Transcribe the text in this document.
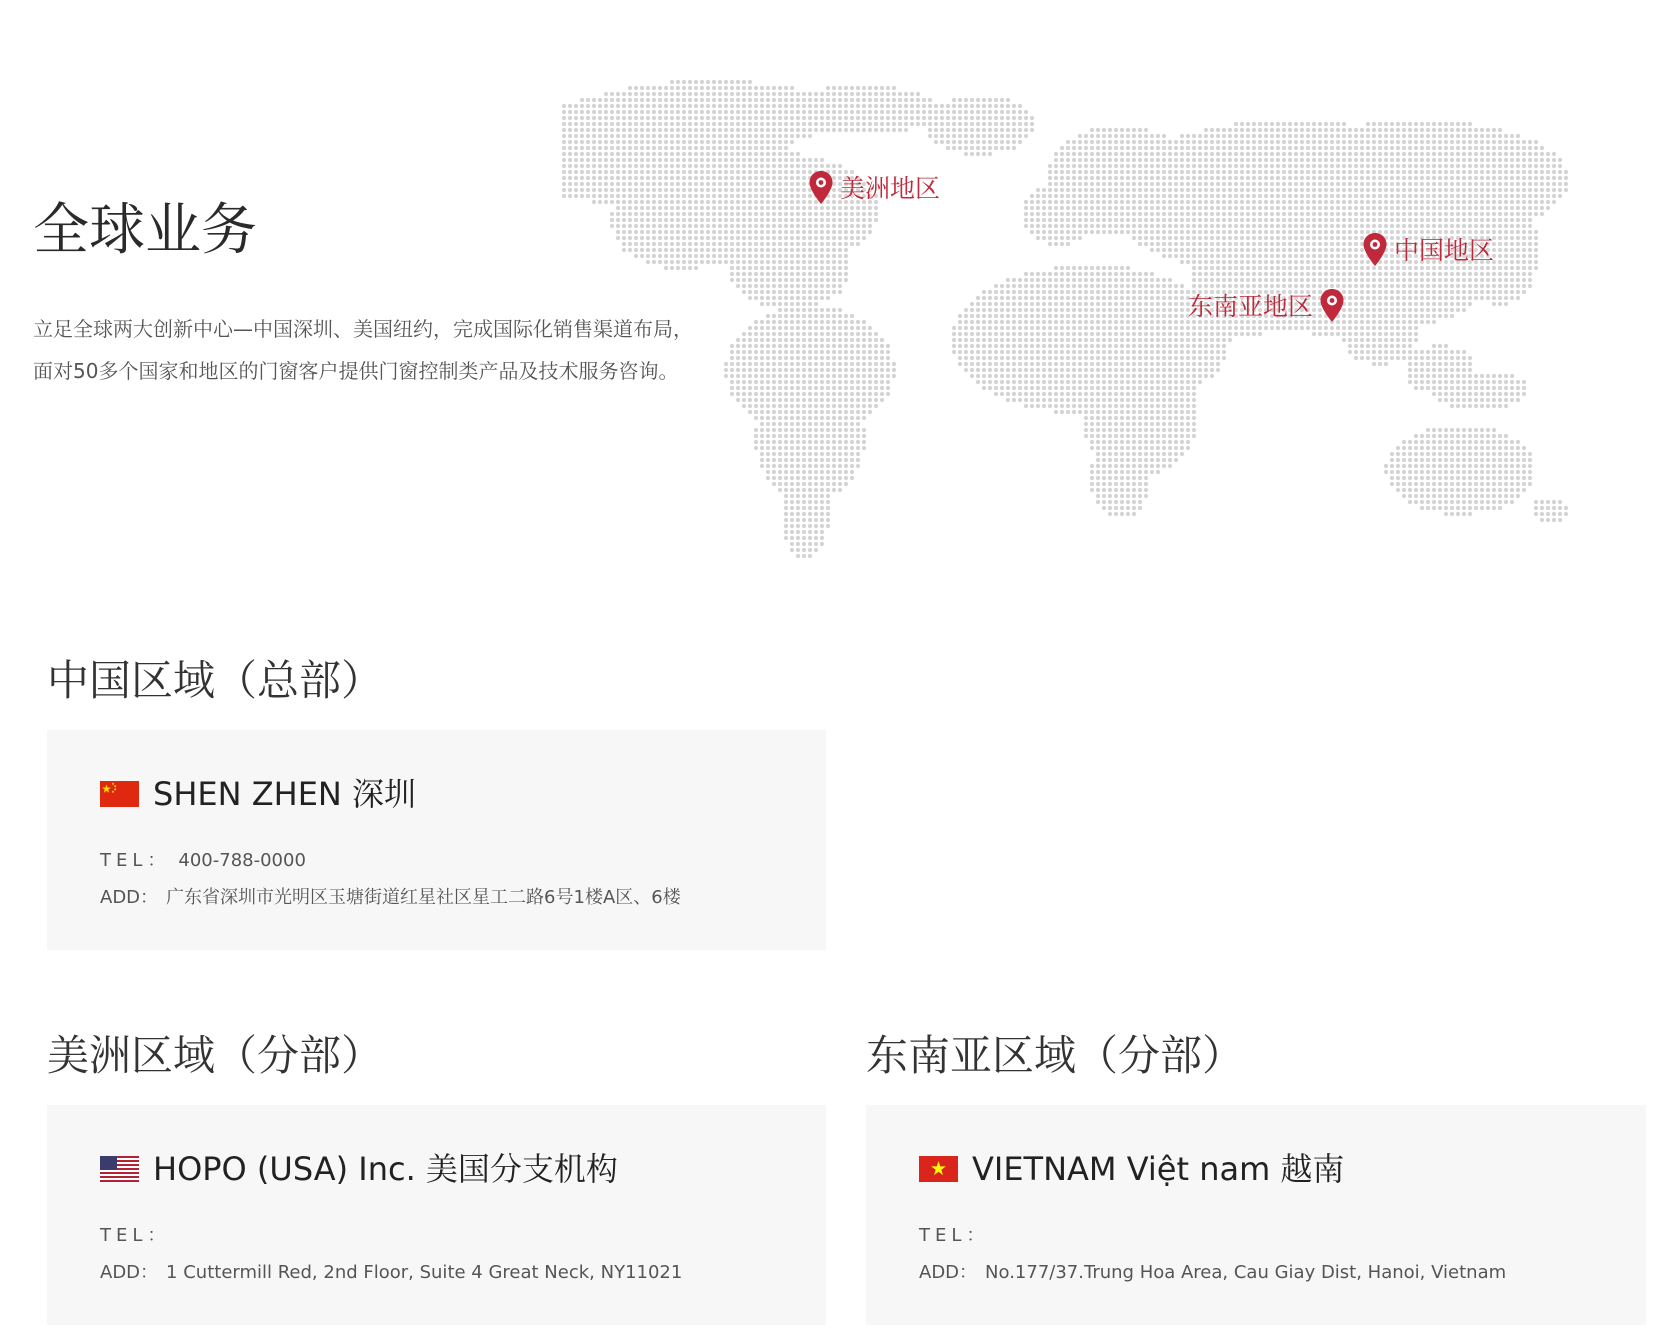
全球业务

立足全球两大创新中心—中国深圳、美国纽约，完成国际化销售渠道布局，
面对50多个国家和地区的门窗客户提供门窗控制类产品及技术服务咨询。

美洲地区
中国地区
东南亚地区
中国区域（总部）
SHEN ZHEN 深圳
TEL： 400-788-0000
ADD： 广东省深圳市光明区玉塘街道红星社区星工二路6号1楼A区、6楼
美洲区域（分部）
HOPO (USA) Inc. 美国分支机构
TEL：
ADD： 1 Cuttermill Red, 2nd Floor, Suite 4 Great Neck, NY11021
东南亚区域（分部）
VIETNAM Việt nam 越南
TEL：
ADD： No.177/37.Trung Hoa Area, Cau Giay Dist, Hanoi, Vietnam
